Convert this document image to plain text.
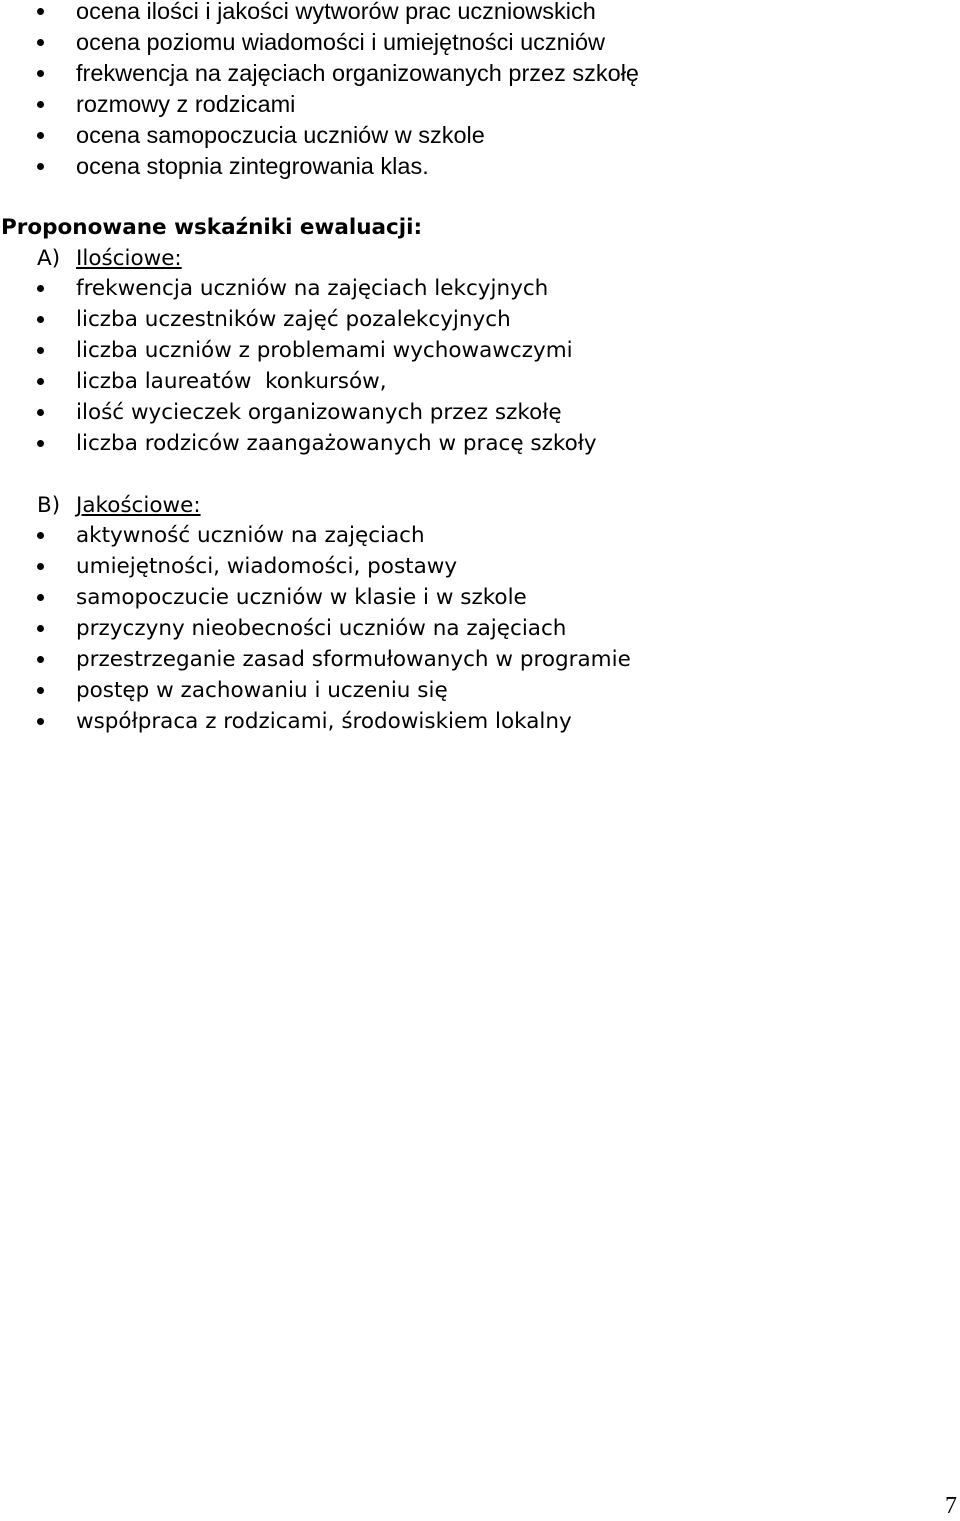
ocena ilości i jakości wytworów prac uczniowskich
ocena poziomu wiadomości i umiejętności uczniów
frekwencja na zajęciach organizowanych przez szkołę
rozmowy z rodzicami
ocena samopoczucia uczniów w szkole
ocena stopnia zintegrowania klas.
Proponowane wskaźniki ewaluacji:
A) Ilościowe:
frekwencja uczniów na zajęciach lekcyjnych
liczba uczestników zajęć pozalekcyjnych
liczba uczniów z problemami wychowawczymi
liczba laureatów  konkursów,
ilość wycieczek organizowanych przez szkołę
liczba rodziców zaangażowanych w pracę szkoły
B) Jakościowe:
aktywność uczniów na zajęciach
umiejętności, wiadomości, postawy
samopoczucie uczniów w klasie i w szkole
przyczyny nieobecności uczniów na zajęciach
przestrzeganie zasad sformułowanych w programie
postęp w zachowaniu i uczeniu się
współpraca z rodzicami, środowiskiem lokalny
7
